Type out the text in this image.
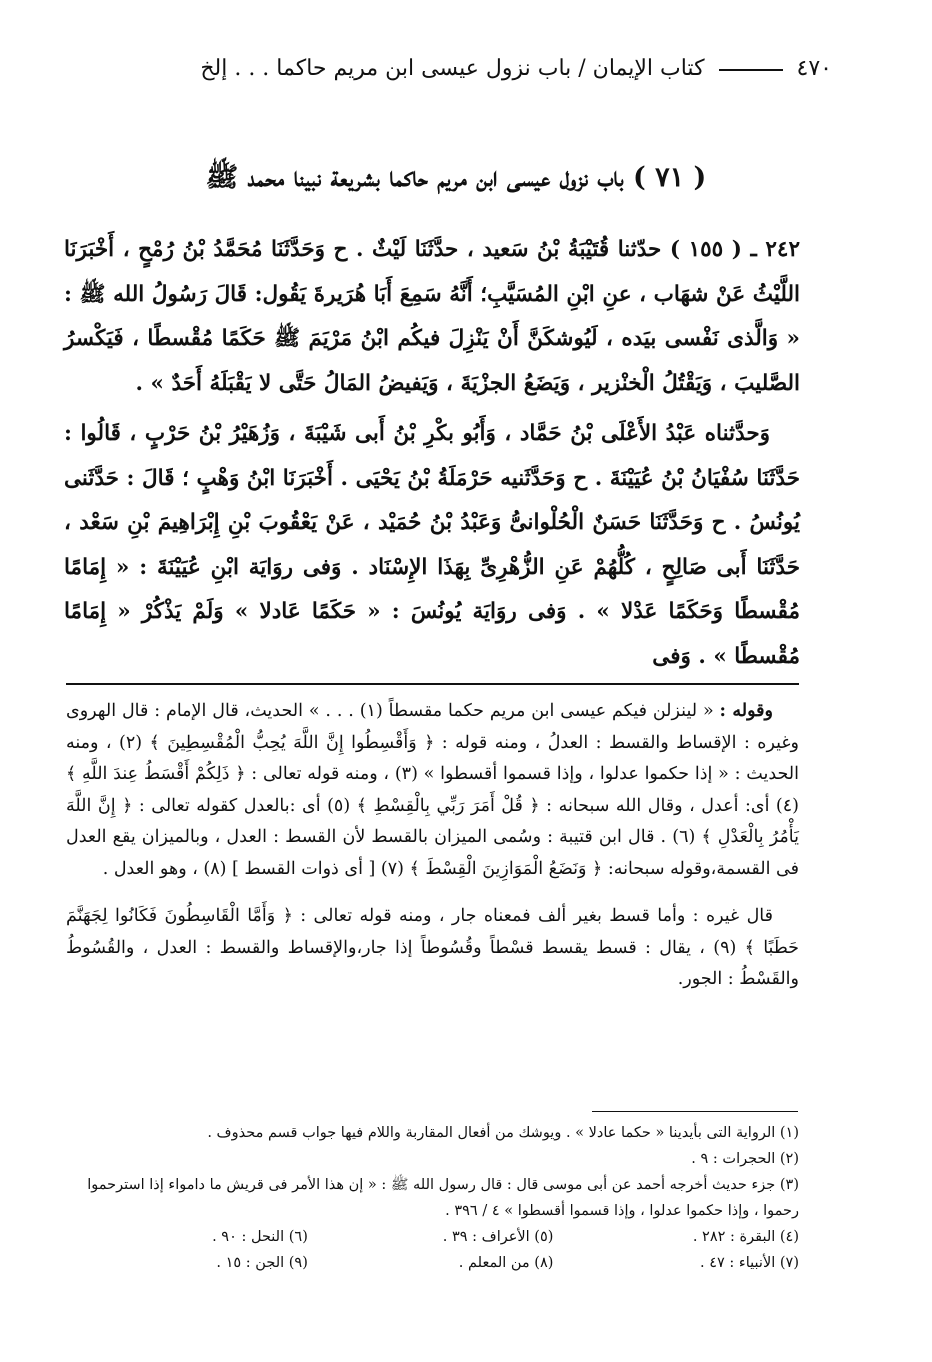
٤٧٠
كتاب الإيمان / باب نزول عيسى ابن مريم حاكما . . . إلخ
( ٧١ ) باب نزول عيسى ابن مريم حاكما بشريعة نبينا محمد ﷺ

٢٤٢ ـ ( ١٥٥ ) حدّثنا قُتَيْبَةُ بْنُ سَعيد ، حدَّثَنَا لَيْثٌ . ح وَحَدَّثَنَا مُحَمَّدُ بْنُ رُمْحٍ ، أَخْبَرَنَا اللَّيْثُ عَنْ شهَاب ، عنِ ابْنِ المُسَيَّبِ؛ أَنَّهُ سَمِعَ أَبَا هُرَيرةَ يَقُول: قَالَ رَسُولُ الله ﷺ : « وَالَّذى نَفْسى بيَده ، لَيُوشكَنَّ أَنْ يَنْزِلَ فيكُم ابْنُ مَرْيَمَ ﷺ حَكَمًا مُقْسطًا ، فَيَكْسرُ الصَّليبَ ، وَيَقْتُلُ الْخنْزير ، وَيَضَعُ الجزْيَةَ ، وَيَفيضُ المَالُ حَتَّى لا يَقْبَلَهُ أَحَدٌ » .

وَحدَّثناه عَبْدُ الأَعْلَى بْنُ حَمَّاد ، وَأَبُو بكْرِ بْنُ أَبى شَيْبَةَ ، وَزُهَيْرُ بْنُ حَرْبٍ ، قَالُوا : حَدَّثَنَا سُفْيَانُ بْنُ عُيَيْنَةَ . ح وَحَدَّثَنيه حَرْمَلَةُ بْنُ يَحْيَى . أَخْبَرَنَا ابْنُ وَهْبٍ ؛ قَالَ : حَدَّثَنى يُونُسُ . ح وَحَدَّثَنَا حَسَنٌ الْحُلْوانىُّ وَعَبْدُ بْنُ حُمَيْد ، عَنْ يَعْقُوبَ بْنِ إِبْرَاهِيمَ بْنِ سَعْد ، حَدَّثَنَا أَبى صَالِحٍ ، كُلُّهُمْ عَنِ الزُّهْرِىِّ بِهَذَا الإِسْنَاد . وَفى روَايَة ابْنِ عُيَيْنَةَ : « إِمَامًا مُقْسطًا وَحَكَمًا عَدْلا » . وَفى روَايَة يُونُسَ : « حَكَمًا عَادلا » وَلَمْ يَذْكُرْ « إِمَامًا مُقْسطًا » . وَفى

وقوله : « لينزلن فيكم عيسى ابن مريم حكما مقسطاً (١) . . . » الحديث، قال الإمام : قال الهروى وغيره : الإقساط والقسط : العدلُ ، ومنه قوله : ﴿ وَأَقْسِطُوا إِنَّ اللَّهَ يُحِبُّ الْمُقْسِطِينَ ﴾ (٢) ، ومنه الحديث : « إذا حكموا عدلوا ، وإذا قسموا أقسطوا » (٣) ، ومنه قوله تعالى : ﴿ ذَلِكُمْ أَقْسَطُ عِندَ اللَّهِ ﴾ (٤) أى: أعدل ، وقال الله سبحانه : ﴿ قُلْ أَمَرَ رَبِّي بِالْقِسْطِ ﴾ (٥) أى :بالعدل كقوله تعالى : ﴿ إِنَّ اللَّهَ يَأْمُرُ بِالْعَدْلِ ﴾ (٦) . قال ابن قتيبة : وسُمى الميزان بالقسط لأن القسط : العدل ، وبالميزان يقع العدل فى القسمة،وقوله سبحانه: ﴿ وَنَضَعُ الْمَوَازِينَ الْقِسْطَ ﴾ (٧) [ أى ذوات القسط ] (٨) ، وهو العدل .

قال غيره : وأما قسط بغير ألف فمعناه جار ، ومنه قوله تعالى : ﴿ وَأَمَّا الْقَاسِطُونَ فَكَانُوا لِجَهَنَّمَ حَطَبًا ﴾ (٩) ، يقال : قسط يقسط قسْطاً وقُسُوطاً إذا جار،والإقساط والقسط : العدل ، والقُسُوطُ والقَسْطُ : الجور.

(١) الرواية التى بأيدينا « حكما عادلا » . ويوشك من أفعال المقاربة واللام فيها جواب قسم محذوف .

(٢) الحجرات : ٩ .

(٣) جزء حديث أخرجه أحمد عن أبى موسى قال : قال رسول الله ﷺ : « إن هذا الأمر فى قريش ما دامواء إذا استرحموا رحموا ، وإذا حكموا عدلوا ، وإذا قسموا أقسطوا » ٤ / ٣٩٦ .

(٤) البقرة : ٢٨٢ .
(٥) الأعراف : ٣٩ .
(٦) النحل : ٩٠ .
(٧) الأنبياء : ٤٧ .
(٨) من المعلم .
(٩) الجن : ١٥ .
